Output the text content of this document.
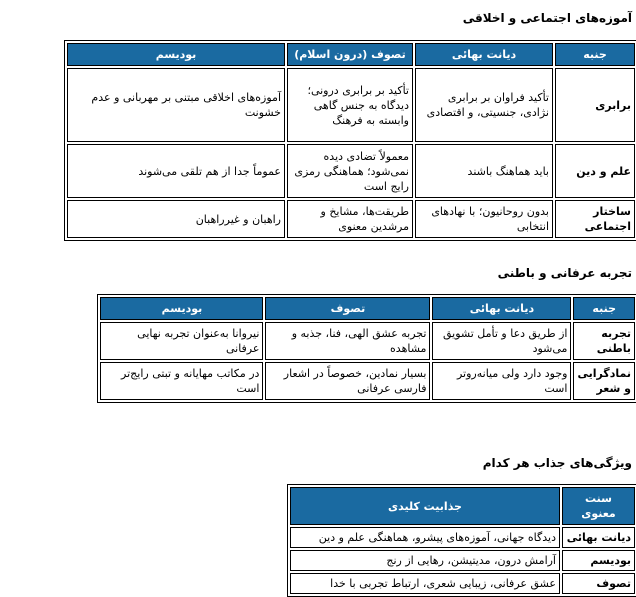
آموزه‌های اجتماعی و اخلاقی
جنبه	دیانت بهائی	تصوف (درون اسلام)	بودیسم
برابری	تأکید فراوان بر برابری نژادی، جنسیتی، و اقتصادی	تأکید بر برابری درونی؛ دیدگاه به جنس گاهی وابسته به فرهنگ	آموزه‌های اخلاقی مبتنی بر مهربانی و عدم خشونت
علم و دین	باید هماهنگ باشند	معمولاً تضادی دیده نمی‌شود؛ هماهنگی رمزی رایج است	عموماً جدا از هم تلقی می‌شوند
ساختار اجتماعی	بدون روحانیون؛ با نهادهای انتخابی	طریقت‌ها، مشایخ و مرشدین معنوی	راهبان و غیرراهبان
تجربه عرفانی و باطنی
جنبه	دیانت بهائی	تصوف	بودیسم
تجربه باطنی	از طریق دعا و تأمل تشویق می‌شود	تجربه عشق الهی، فنا، جذبه و مشاهده	نیروانا به‌عنوان تجربه نهایی عرفانی
نمادگرایی و شعر	وجود دارد ولی میانه‌روتر است	بسیار نمادین، خصوصاً در اشعار فارسی عرفانی	در مکاتب مهایانه و تبتی رایج‌تر است
ویژگی‌های جذاب هر کدام
سنت معنوی	جذابیت کلیدی
دیانت بهائی	دیدگاه جهانی، آموزه‌های پیشرو، هماهنگی علم و دین
بودیسم	آرامش درون، مدیتیشن، رهایی از رنج
تصوف	عشق عرفانی، زیبایی شعری، ارتباط تجربی با خدا
